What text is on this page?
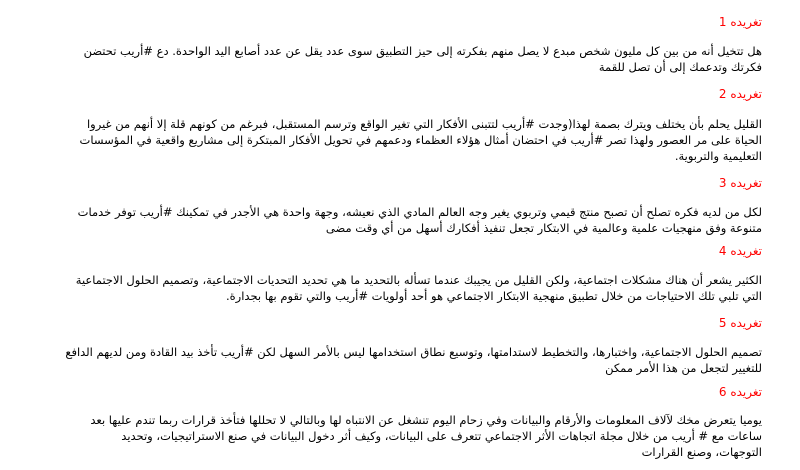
تغريده 1

هل تتخيل أنه من بين كل مليون شخص مبدع لا يصل منهم بفكرته إلى حيز التطبيق سوى عدد يقل عن عدد أصابع اليد الواحدة. دع #أريب تحتضن
فكرتك وتدعمك إلى أن تصل للقمة

تغريده 2

القليل يحلم بأن يختلف ويترك بصمة لهذا(وجدت #أريب لتتبنى الأفكار التي تغير الواقع وترسم المستقبل، فبرغم من كونهم قلة إلا أنهم من غيروا
الحياة على مر العصور ولهذا تصر #أريب في احتضان أمثال هؤلاء العظماء ودعمهم في تحويل الأفكار المبتكرة إلى مشاريع واقعية في المؤسسات
التعليمية والتربوية.

تغريده 3

لكل من لديه فكره تصلح أن تصبح منتج قيمي وتربوي يغير وجه العالم المادي الذي نعيشه، وجهة واحدة هي الأجدر في تمكينك #أريب توفر خدمات
متنوعة وفق منهجيات علمية وعالمية في الابتكار تجعل تنفيذ أفكارك أسهل من أي وقت مضى

تغريده 4

الكثير يشعر أن هناك مشكلات اجتماعية، ولكن القليل من يجيبك عندما تسأله بالتحديد ما هي تحديد التحديات الاجتماعية، وتصميم الحلول الاجتماعية
التي تلبي تلك الاحتياجات من خلال تطبيق منهجية الابتكار الاجتماعي هو أحد أولويات #أريب والتي تقوم بها بجدارة.

تغريده 5

تصميم الحلول الاجتماعية، واختبارها، والتخطيط لاستدامتها، وتوسيع نطاق استخدامها ليس بالأمر السهل لكن #أريب تأخذ بيد القادة ومن لديهم الدافع
للتغيير لتجعل من هذا الأمر ممكن

تغريده 6

يوميا يتعرض مخك لآلاف المعلومات والأرقام والبيانات وفي زحام اليوم تنشغل عن الانتباه لها وبالتالي لا تحللها فتأخذ قرارات ربما تندم عليها بعد
ساعات مع # أريب من خلال مجلة اتجاهات الأثر الاجتماعي تتعرف على البيانات، وكيف أثر دخول البيانات في صنع الاستراتيجيات، وتحديد
التوجهات، وصنع القرارات
